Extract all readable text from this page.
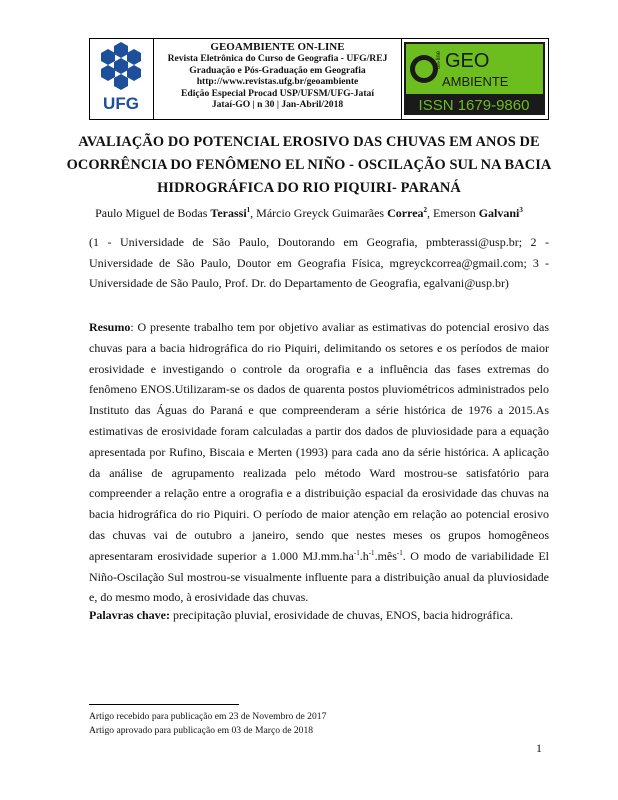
UFG
GEOAMBIENTE ON-LINE
Revista Eletrônica do Curso de Geografia - UFG/REJ
Graduação e Pós-Graduação em Geografia
http://www.revistas.ufg.br/geoambiente
Edição Especial Procad USP/UFSM/UFG-Jataí
Jataí-GO | n 30 | Jan-Abril/2018
GEO
AMBIENTE
on-line
ISSN 1679-9860
AVALIAÇÃO DO POTENCIAL EROSIVO DAS CHUVAS EM ANOS DE OCORRÊNCIA DO FENÔMENO EL NIÑO - OSCILAÇÃO SUL NA BACIA HIDROGRÁFICA DO RIO PIQUIRI- PARANÁ
Paulo Miguel de Bodas Terassi$^1$, Márcio Greyck Guimarães Correa$^2$, Emerson Galvani$^3$
(1 - Universidade de São Paulo, Doutorando em Geografia, pmbterassi@usp.br; 2 -Universidade de São Paulo, Doutor em Geografia Física, mgreyckcorrea@gmail.com; 3 - Universidade de São Paulo, Prof. Dr. do Departamento de Geografia, egalvani@usp.br)
Resumo: O presente trabalho tem por objetivo avaliar as estimativas do potencial erosivo das chuvas para a bacia hidrográfica do rio Piquiri, delimitando os setores e os períodos de maior erosividade e investigando o controle da orografia e a influência das fases extremas do fenômeno ENOS.Utilizaram-se os dados de quarenta postos pluviométricos administrados pelo Instituto das Águas do Paraná e que compreenderam a série histórica de 1976 a 2015.As estimativas de erosividade foram calculadas a partir dos dados de pluviosidade para a equação apresentada por Rufino, Biscaia e Merten (1993) para cada ano da série histórica. A aplicação da análise de agrupamento realizada pelo método Ward mostrou-se satisfatório para compreender a relação entre a orografia e a distribuição espacial da erosividade das chuvas na bacia hidrográfica do rio Piquiri. O período de maior atenção em relação ao potencial erosivo das chuvas vai de outubro a janeiro, sendo que nestes meses os grupos homogêneos apresentaram erosividade superior a 1.000 $MJ.mm.ha^{-1}.h^{-1}.mês^{-1}$. O modo de variabilidade El Niño-Oscilação Sul mostrou-se visualmente influente para a distribuição anual da pluviosidade e, do mesmo modo, à erosividade das chuvas.
Palavras chave: precipitação pluvial, erosividade de chuvas, ENOS, bacia hidrográfica.
Artigo recebido para publicação em 23 de Novembro de 2017
Artigo aprovado para publicação em 03 de Março de 2018
1
